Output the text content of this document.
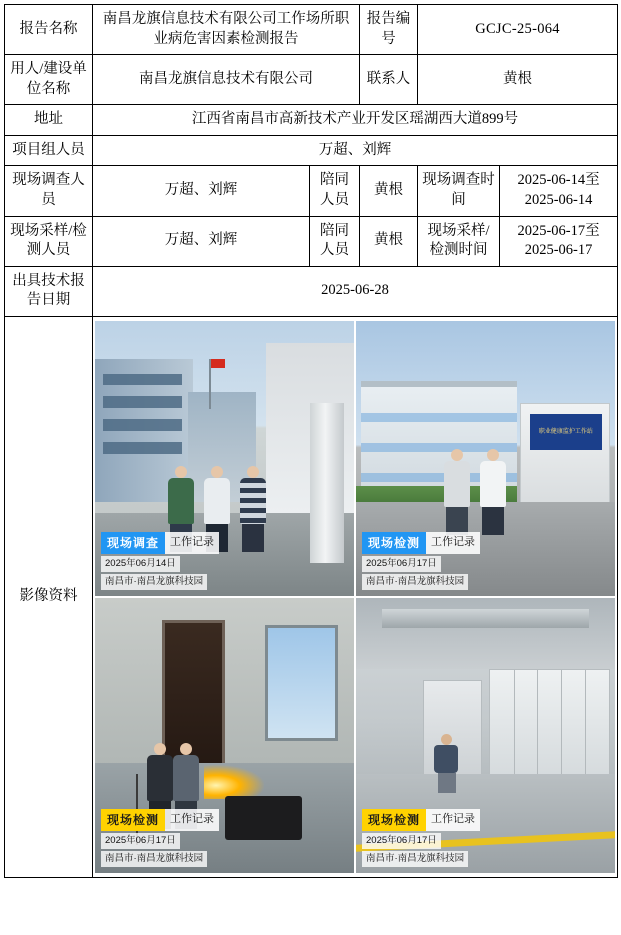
报告名称	南昌龙旗信息技术有限公司工作场所职业病危害因素检测报告		报告编号	GCJC-25-064	
用人/建设单位名称	南昌龙旗信息技术有限公司		联系人	黄根	
地址	江西省南昌市高新技术产业开发区瑶湖西大道899号				
项目组人员	万超、刘辉				
现场调查人员	万超、刘辉	陪同人员	黄根	现场调查时间	2025-06-14至2025-06-14
现场采样/检测人员	万超、刘辉	陪同人员	黄根	现场采样/检测时间	2025-06-17至2025-06-17
出具技术报告日期	2025-06-28				
影像资料	
现场调查	工作记录
2025年06月14日
南昌市·南昌龙旗科技园
职业健康监护工作站
现场检测	工作记录
2025年06月17日
南昌市·南昌龙旗科技园
现场检测	工作记录
2025年06月17日
南昌市·南昌龙旗科技园
现场检测	工作记录
2025年06月17日
南昌市·南昌龙旗科技园
